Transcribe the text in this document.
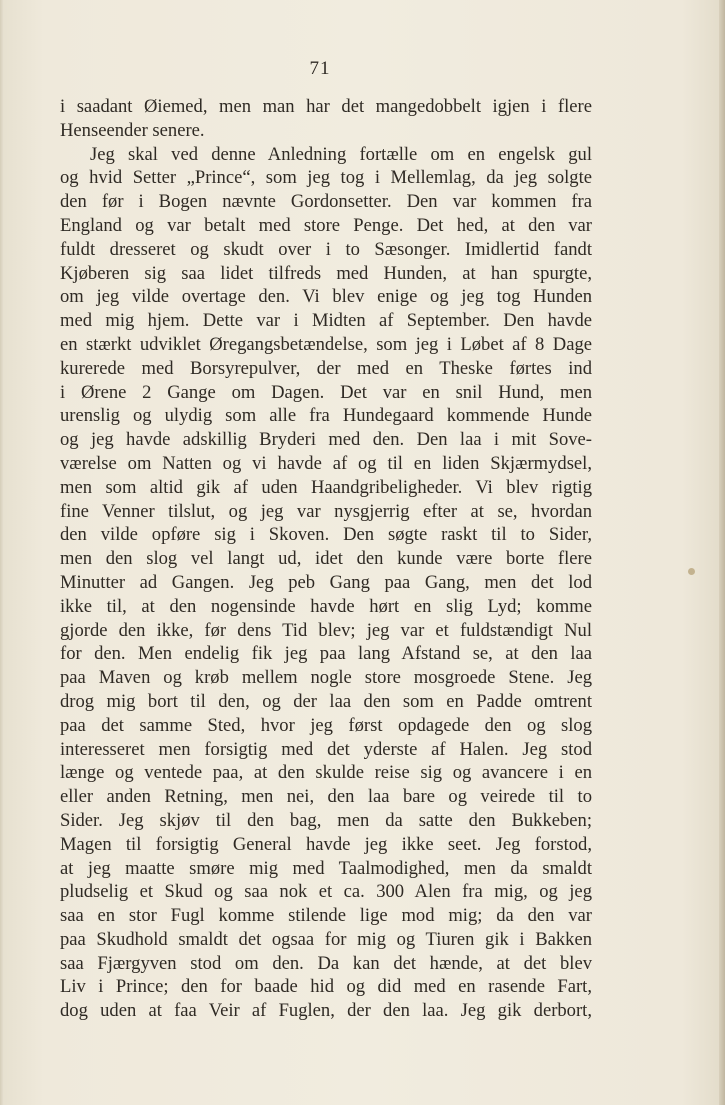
71
i saadant Øiemed, men man har det mangedobbelt igjen i flere
Henseender senere.
Jeg skal ved denne Anledning fortælle om en engelsk gul
og hvid Setter „Prince“, som jeg tog i Mellemlag, da jeg solgte
den før i Bogen nævnte Gordonsetter. Den var kommen fra
England og var betalt med store Penge. Det hed, at den var
fuldt dresseret og skudt over i to Sæsonger. Imidlertid fandt
Kjøberen sig saa lidet tilfreds med Hunden, at han spurgte,
om jeg vilde overtage den. Vi blev enige og jeg tog Hunden
med mig hjem. Dette var i Midten af September. Den havde
en stærkt udviklet Øregangsbetændelse, som jeg i Løbet af 8 Dage
kurerede med Borsyrepulver, der med en Theske førtes ind
i Ørene 2 Gange om Dagen. Det var en snil Hund, men
urenslig og ulydig som alle fra Hundegaard kommende Hunde
og jeg havde adskillig Bryderi med den. Den laa i mit Sove-
værelse om Natten og vi havde af og til en liden Skjærmydsel,
men som altid gik af uden Haandgribeligheder. Vi blev rigtig
fine Venner tilslut, og jeg var nysgjerrig efter at se, hvordan
den vilde opføre sig i Skoven. Den søgte raskt til to Sider,
men den slog vel langt ud, idet den kunde være borte flere
Minutter ad Gangen. Jeg peb Gang paa Gang, men det lod
ikke til, at den nogensinde havde hørt en slig Lyd; komme
gjorde den ikke, før dens Tid blev; jeg var et fuldstændigt Nul
for den. Men endelig fik jeg paa lang Afstand se, at den laa
paa Maven og krøb mellem nogle store mosgroede Stene. Jeg
drog mig bort til den, og der laa den som en Padde omtrent
paa det samme Sted, hvor jeg først opdagede den og slog
interesseret men forsigtig med det yderste af Halen. Jeg stod
længe og ventede paa, at den skulde reise sig og avancere i en
eller anden Retning, men nei, den laa bare og veirede til to
Sider. Jeg skjøv til den bag, men da satte den Bukkeben;
Magen til forsigtig General havde jeg ikke seet. Jeg forstod,
at jeg maatte smøre mig med Taalmodighed, men da smaldt
pludselig et Skud og saa nok et ca. 300 Alen fra mig, og jeg
saa en stor Fugl komme stilende lige mod mig; da den var
paa Skudhold smaldt det ogsaa for mig og Tiuren gik i Bakken
saa Fjærgyven stod om den. Da kan det hænde, at det blev
Liv i Prince; den for baade hid og did med en rasende Fart,
dog uden at faa Veir af Fuglen, der den laa. Jeg gik derbort,
